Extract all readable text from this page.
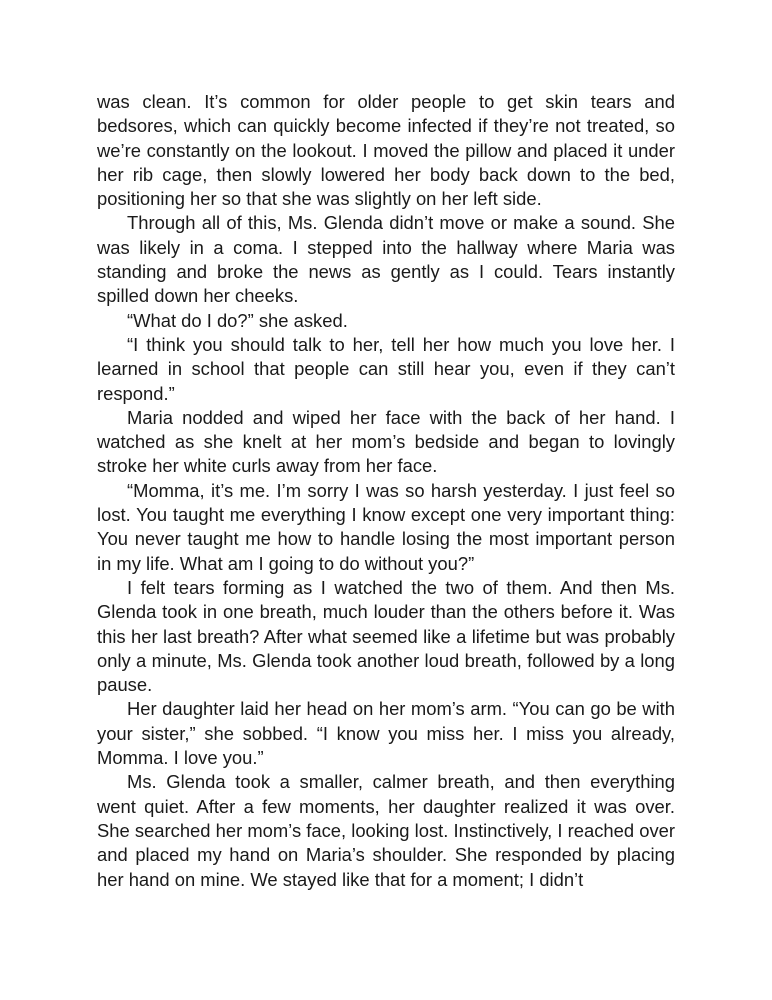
was clean. It’s common for older people to get skin tears and bedsores, which can quickly become infected if they’re not treated, so we’re constantly on the lookout. I moved the pillow and placed it under her rib cage, then slowly lowered her body back down to the bed, positioning her so that she was slightly on her left side.

Through all of this, Ms. Glenda didn’t move or make a sound. She was likely in a coma. I stepped into the hallway where Maria was standing and broke the news as gently as I could. Tears instantly spilled down her cheeks.

“What do I do?” she asked.

“I think you should talk to her, tell her how much you love her. I learned in school that people can still hear you, even if they can’t respond.”

Maria nodded and wiped her face with the back of her hand. I watched as she knelt at her mom’s bedside and began to lovingly stroke her white curls away from her face.

“Momma, it’s me. I’m sorry I was so harsh yesterday. I just feel so lost. You taught me everything I know except one very important thing: You never taught me how to handle losing the most important person in my life. What am I going to do without you?”

I felt tears forming as I watched the two of them. And then Ms. Glenda took in one breath, much louder than the others before it. Was this her last breath? After what seemed like a lifetime but was probably only a minute, Ms. Glenda took another loud breath, followed by a long pause.

Her daughter laid her head on her mom’s arm. “You can go be with your sister,” she sobbed. “I know you miss her. I miss you already, Momma. I love you.”

Ms. Glenda took a smaller, calmer breath, and then everything went quiet. After a few moments, her daughter realized it was over. She searched her mom’s face, looking lost. Instinctively, I reached over and placed my hand on Maria’s shoulder. She responded by placing her hand on mine. We stayed like that for a moment; I didn’t
